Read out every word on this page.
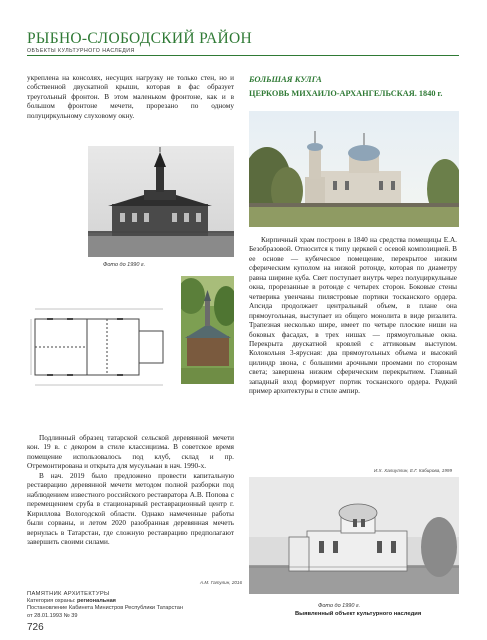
РЫБНО-СЛОБОДСКИЙ РАЙОН
ОБЪЕКТЫ КУЛЬТУРНОГО НАСЛЕДИЯ
укреплена на консолях, несущих нагрузку не только стен, но и собственной двускатной крыши, которая в фас образует треугольный фронтон. В этом маленьком фронтоне, как и в большом фронтоне мечети, прорезано по одному полуциркульному слуховому окну.
Фото до 1990 г.

Подлинный образец татарской сельской деревянной мечети кон. 19 в. с декором в стиле классицизма. В советское время помещение использовалось под клуб, склад и пр. Отремонтирована и открыта для мусульман в нач. 1990-х.

В нач. 2019 было предложено провести капитальную реставрацию деревянной мечети методом полной разборки под наблюдением известного российского реставратора А.В. Попова с перемещением сруба в стационарный реставрационный центр г. Кириллова Вологодской области. Однако намеченные работы были сорваны, и летом 2020 разобранная деревянная мечеть вернулась в Татарстан, где сложную реставрацию предполагают завершить своими силами.

А.М. Гатулин, 2016
ПАМЯТНИК АРХИТЕКТУРЫ
Категория охраны: региональная
Постановление Кабинета Министров Республики Татарстан
от 28.01.1993 № 39
726
БОЛЬШАЯ КУЛГА
ЦЕРКОВЬ МИХАИЛО-АРХАНГЕЛЬСКАЯ. 1840 г.
Кирпичный храм построен в 1840 на средства помещицы Е.А. Безобразовой. Относится к типу церквей с осевой композицией. В ее основе — кубическое помещение, перекрытое низким сферическим куполом на низкой ротонде, которая по диаметру равна ширине куба. Свет поступает внутрь через полуциркульные окна, прорезанные в ротонде с четырех сторон. Боковые стены четверика увенчаны пилястровые портики тосканского ордера. Апсида продолжает центральный объем, в плане она прямоугольная, выступает из общего монолита в виде ризалита. Трапезная несколько шире, имеет по четыре плоские ниши на боковых фасадах, в трех нишах — прямоугольные окна. Перекрыта двускатной кровлей с аттиковым выступом. Колокольня 3-ярусная: два прямоугольных объема и высокий цилиндр звона, с большими арочными проемами по сторонам света; завершена низким сферическим перекрытием. Главный западный вход формирует портик тосканского ордера. Редкий пример архитектуры в стиле ампир.
И.Х. Халиуллин, Е.Г. Кабирова, 1999
Фото до 1990 г.
Выявленный объект культурного наследия
